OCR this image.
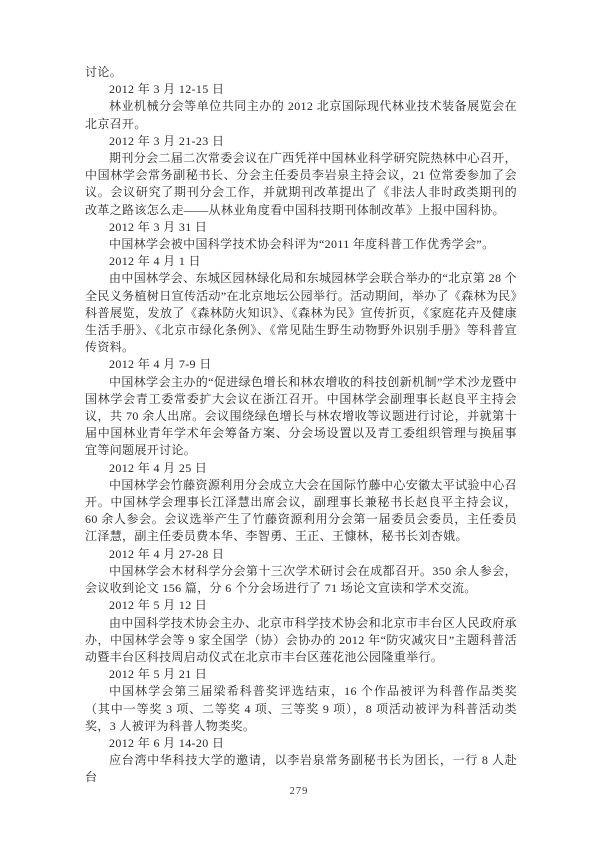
讨论。

2012 年 3 月 12-15 日

林业机械分会等单位共同主办的 2012 北京国际现代林业技术装备展览会在北京召开。

2012 年 3 月 21-23 日

期刊分会二届二次常委会议在广西凭祥中国林业科学研究院热林中心召开，中国林学会常务副秘书长、分会主任委员李岩泉主持会议，21 位常委参加了会议。会议研究了期刊分会工作，并就期刊改革提出了《非法人非时政类期刊的改革之路该怎么走——从林业角度看中国科技期刊体制改革》上报中国科协。

2012 年 3 月 31 日

中国林学会被中国科学技术协会科评为“2011 年度科普工作优秀学会”。

2012 年 4 月 1 日

由中国林学会、东城区园林绿化局和东城园林学会联合举办的“北京第 28 个全民义务植树日宣传活动”在北京地坛公园举行。活动期间，举办了《森林为民》科普展览，发放了《森林防火知识》、《森林为民》宣传折页，《家庭花卉及健康生活手册》、《北京市绿化条例》、《常见陆生野生动物野外识别手册》等科普宣传资料。

2012 年 4 月 7-9 日

中国林学会主办的“促进绿色增长和林农增收的科技创新机制”学术沙龙暨中国林学会青工委常委扩大会议在浙江召开。中国林学会副理事长赵良平主持会议，共 70 余人出席。会议围绕绿色增长与林农增收等议题进行讨论，并就第十届中国林业青年学术年会筹备方案、分会场设置以及青工委组织管理与换届事宜等问题展开讨论。

2012 年 4 月 25 日

中国林学会竹藤资源利用分会成立大会在国际竹藤中心安徽太平试验中心召开。中国林学会理事长江泽慧出席会议，副理事长兼秘书长赵良平主持会议，60 余人参会。会议选举产生了竹藤资源利用分会第一届委员会委员，主任委员江泽慧，副主任委员费本华、李智勇、王正、王慷林，秘书长刘杏娥。

2012 年 4 月 27-28 日

中国林学会木材科学分会第十三次学术研讨会在成都召开。350 余人参会，会议收到论文 156 篇，分 6 个分会场进行了 71 场论文宣读和学术交流。

2012 年 5 月 12 日

由中国科学技术协会主办、北京市科学技术协会和北京市丰台区人民政府承办，中国林学会等 9 家全国学（协）会协办的 2012 年“防灾减灾日”主题科普活动暨丰台区科技周启动仪式在北京市丰台区莲花池公园隆重举行。

2012 年 5 月 21 日

中国林学会第三届梁希科普奖评选结束，16 个作品被评为科普作品类奖（其中一等奖 3 项、二等奖 4 项、三等奖 9 项），8 项活动被评为科普活动类奖，3 人被评为科普人物类奖。

2012 年 6 月 14-20 日

应台湾中华科技大学的邀请，以李岩泉常务副秘书长为团长，一行 8 人赴台

279
